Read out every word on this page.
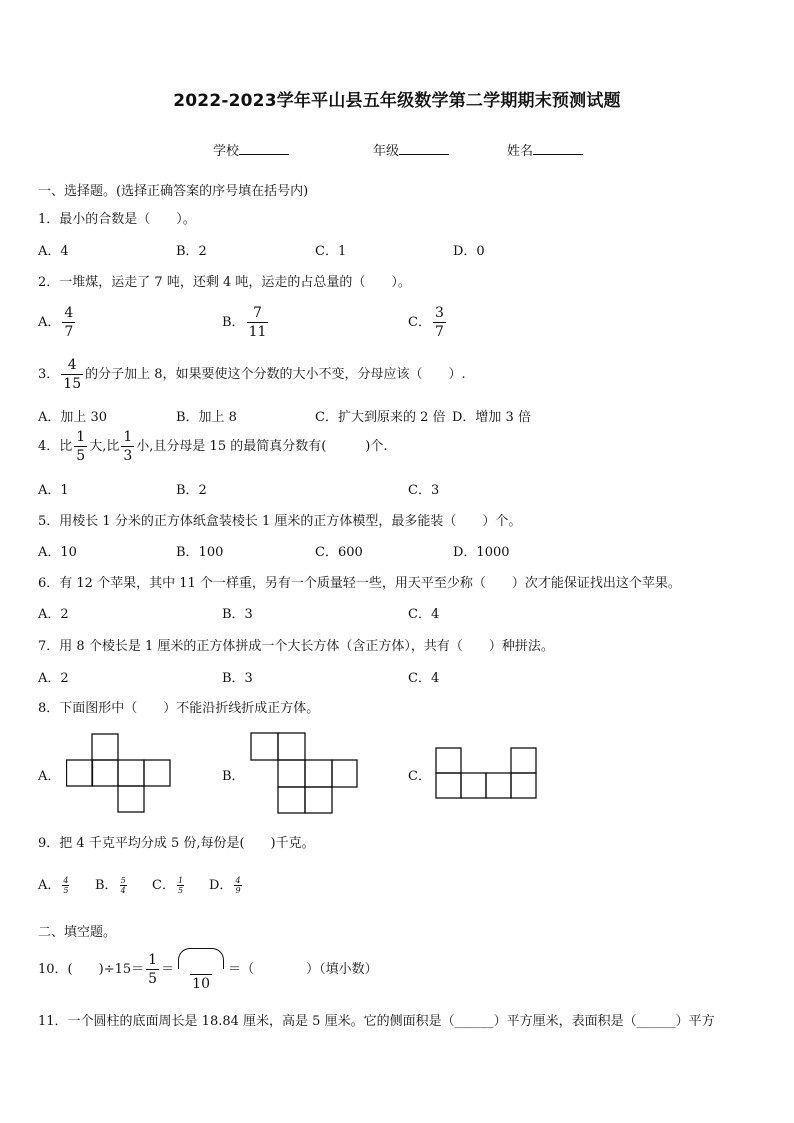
2022-2023学年平山县五年级数学第二学期期末预测试题
学校	年级	姓名
一、选择题。(选择正确答案的序号填在括号内)
1．最小的合数是（　　）。
A．4	B．2	C．1	D．0
2．一堆煤，运走了 7 吨，还剩 4 吨，运走的占总量的（　　）。
A． $\frac{4}{7}$	B． $\frac{7}{11}$	C． $\frac{3}{7}$
3． $\frac{4}{15}$ 的分子加上 8，如果要使这个分数的大小不变，分母应该（　　）.
A．加上 30	B．加上 8	C．扩大到原来的 2 倍 D．增加 3 倍
4．比 $\frac{1}{5}$ 大,比 $\frac{1}{3}$ 小,且分母是 15 的最简真分数有(　　　)个.
A．1	B．2	C．3
5．用棱长 1 分米的正方体纸盒装棱长 1 厘米的正方体模型，最多能装（　　）个。
A．10	B．100	C．600	D．1000
6．有 12 个苹果，其中 11 个一样重，另有一个质量轻一些，用天平至少称（　　）次才能保证找出这个苹果。
A．2	B．3	C．4
7．用 8 个棱长是 1 厘米的正方体拼成一个大长方体（含正方体），共有（　　）种拼法。
A．2	B．3	C．4
8．下面图形中（　　）不能沿折线折成正方体。
A．	B．	C．
9．把 4 千克平均分成 5 份,每份是(　　)千克。
A． $\frac{4}{5}$ B． $\frac{5}{4}$ C． $\frac{1}{5}$ D． $\frac{4}{9}$
二、填空题。
10．(　　)$\div 15= \frac{1}{5}$ ＝
10
＝（　　　　）（填小数）
11．一个圆柱的底面周长是 18.84 厘米，高是 5 厘米。它的侧面积是（______）平方厘米，表面积是（______）平方
